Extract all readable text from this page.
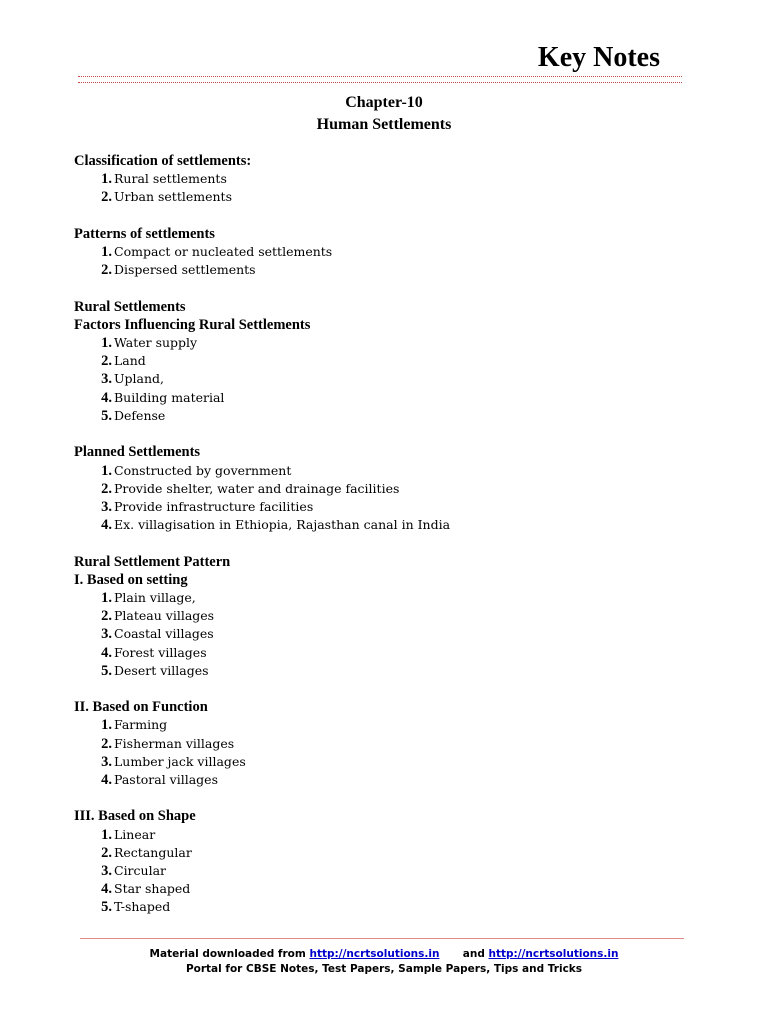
Key Notes
Chapter-10
Human Settlements
Classification of settlements:
1. Rural settlements
2. Urban settlements
Patterns of settlements
1. Compact or nucleated settlements
2. Dispersed settlements
Rural Settlements
Factors Influencing Rural Settlements
1. Water supply
2. Land
3. Upland,
4. Building material
5. Defense
Planned Settlements
1. Constructed by government
2. Provide shelter, water and drainage facilities
3. Provide infrastructure facilities
4. Ex. villagisation in Ethiopia, Rajasthan canal in India
Rural Settlement Pattern
I. Based on setting
1. Plain village,
2. Plateau villages
3. Coastal villages
4. Forest villages
5. Desert villages
II. Based on Function
1. Farming
2. Fisherman villages
3. Lumber jack villages
4. Pastoral villages
III. Based on Shape
1. Linear
2. Rectangular
3. Circular
4. Star shaped
5. T-shaped
Material downloaded from http://ncrtsolutions.in and http://ncrtsolutions.in
Portal for CBSE Notes, Test Papers, Sample Papers, Tips and Tricks
